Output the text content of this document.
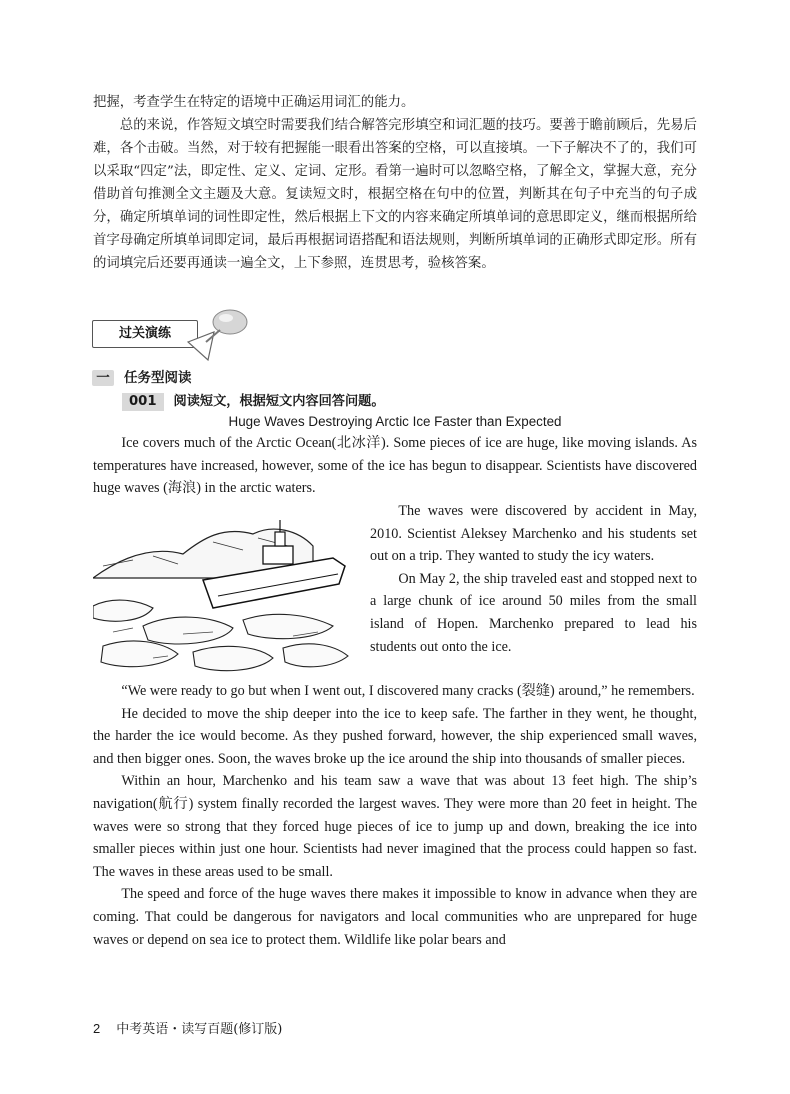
把握，考查学生在特定的语境中正确运用词汇的能力。

总的来说，作答短文填空时需要我们结合解答完形填空和词汇题的技巧。要善于瞻前顾后，先易后难，各个击破。当然，对于较有把握能一眼看出答案的空格，可以直接填。一下子解决不了的，我们可以采取“四定”法，即定性、定义、定词、定形。看第一遍时可以忽略空格，了解全文，掌握大意，充分借助首句推测全文主题及大意。复读短文时，根据空格在句中的位置，判断其在句子中充当的句子成分，确定所填单词的词性即定性，然后根据上下文的内容来确定所填单词的意思即定义，继而根据所给首字母确定所填单词即定词，最后再根据词语搭配和语法规则，判断所填单词的正确形式即定形。所有的词填完后还要再通读一遍全文，上下参照，连贯思考，验核答案。

过关演练
一 任务型阅读
001 阅读短文，根据短文内容回答问题。
Huge Waves Destroying Arctic Ice Faster than Expected

Ice covers much of the Arctic Ocean(北冰洋). Some pieces of ice are huge, like moving islands. As temperatures have increased, however, some of the ice has begun to disappear. Scientists have discovered huge waves (海浪) in the arctic waters.

The waves were discovered by accident in May, 2010. Scientist Aleksey Marchenko and his students set out on a trip. They wanted to study the icy waters.

On May 2, the ship traveled east and stopped next to a large chunk of ice around 50 miles from the small island of Hopen. Marchenko prepared to lead his students out onto the ice.

“We were ready to go but when I went out, I discovered many cracks (裂缝) around,” he remembers.

He decided to move the ship deeper into the ice to keep safe. The farther in they went, he thought, the harder the ice would become. As they pushed forward, however, the ship experienced small waves, and then bigger ones. Soon, the waves broke up the ice around the ship into thousands of smaller pieces.

Within an hour, Marchenko and his team saw a wave that was about 13 feet high. The ship’s navigation(航行) system finally recorded the largest waves. They were more than 20 feet in height. The waves were so strong that they forced huge pieces of ice to jump up and down, breaking the ice into smaller pieces within just one hour. Scientists had never imagined that the process could happen so fast. The waves in these areas used to be small.

The speed and force of the huge waves there makes it impossible to know in advance when they are coming. That could be dangerous for navigators and local communities who are unprepared for huge waves or depend on sea ice to protect them. Wildlife like polar bears and

2 中考英语・读写百题(修订版)
